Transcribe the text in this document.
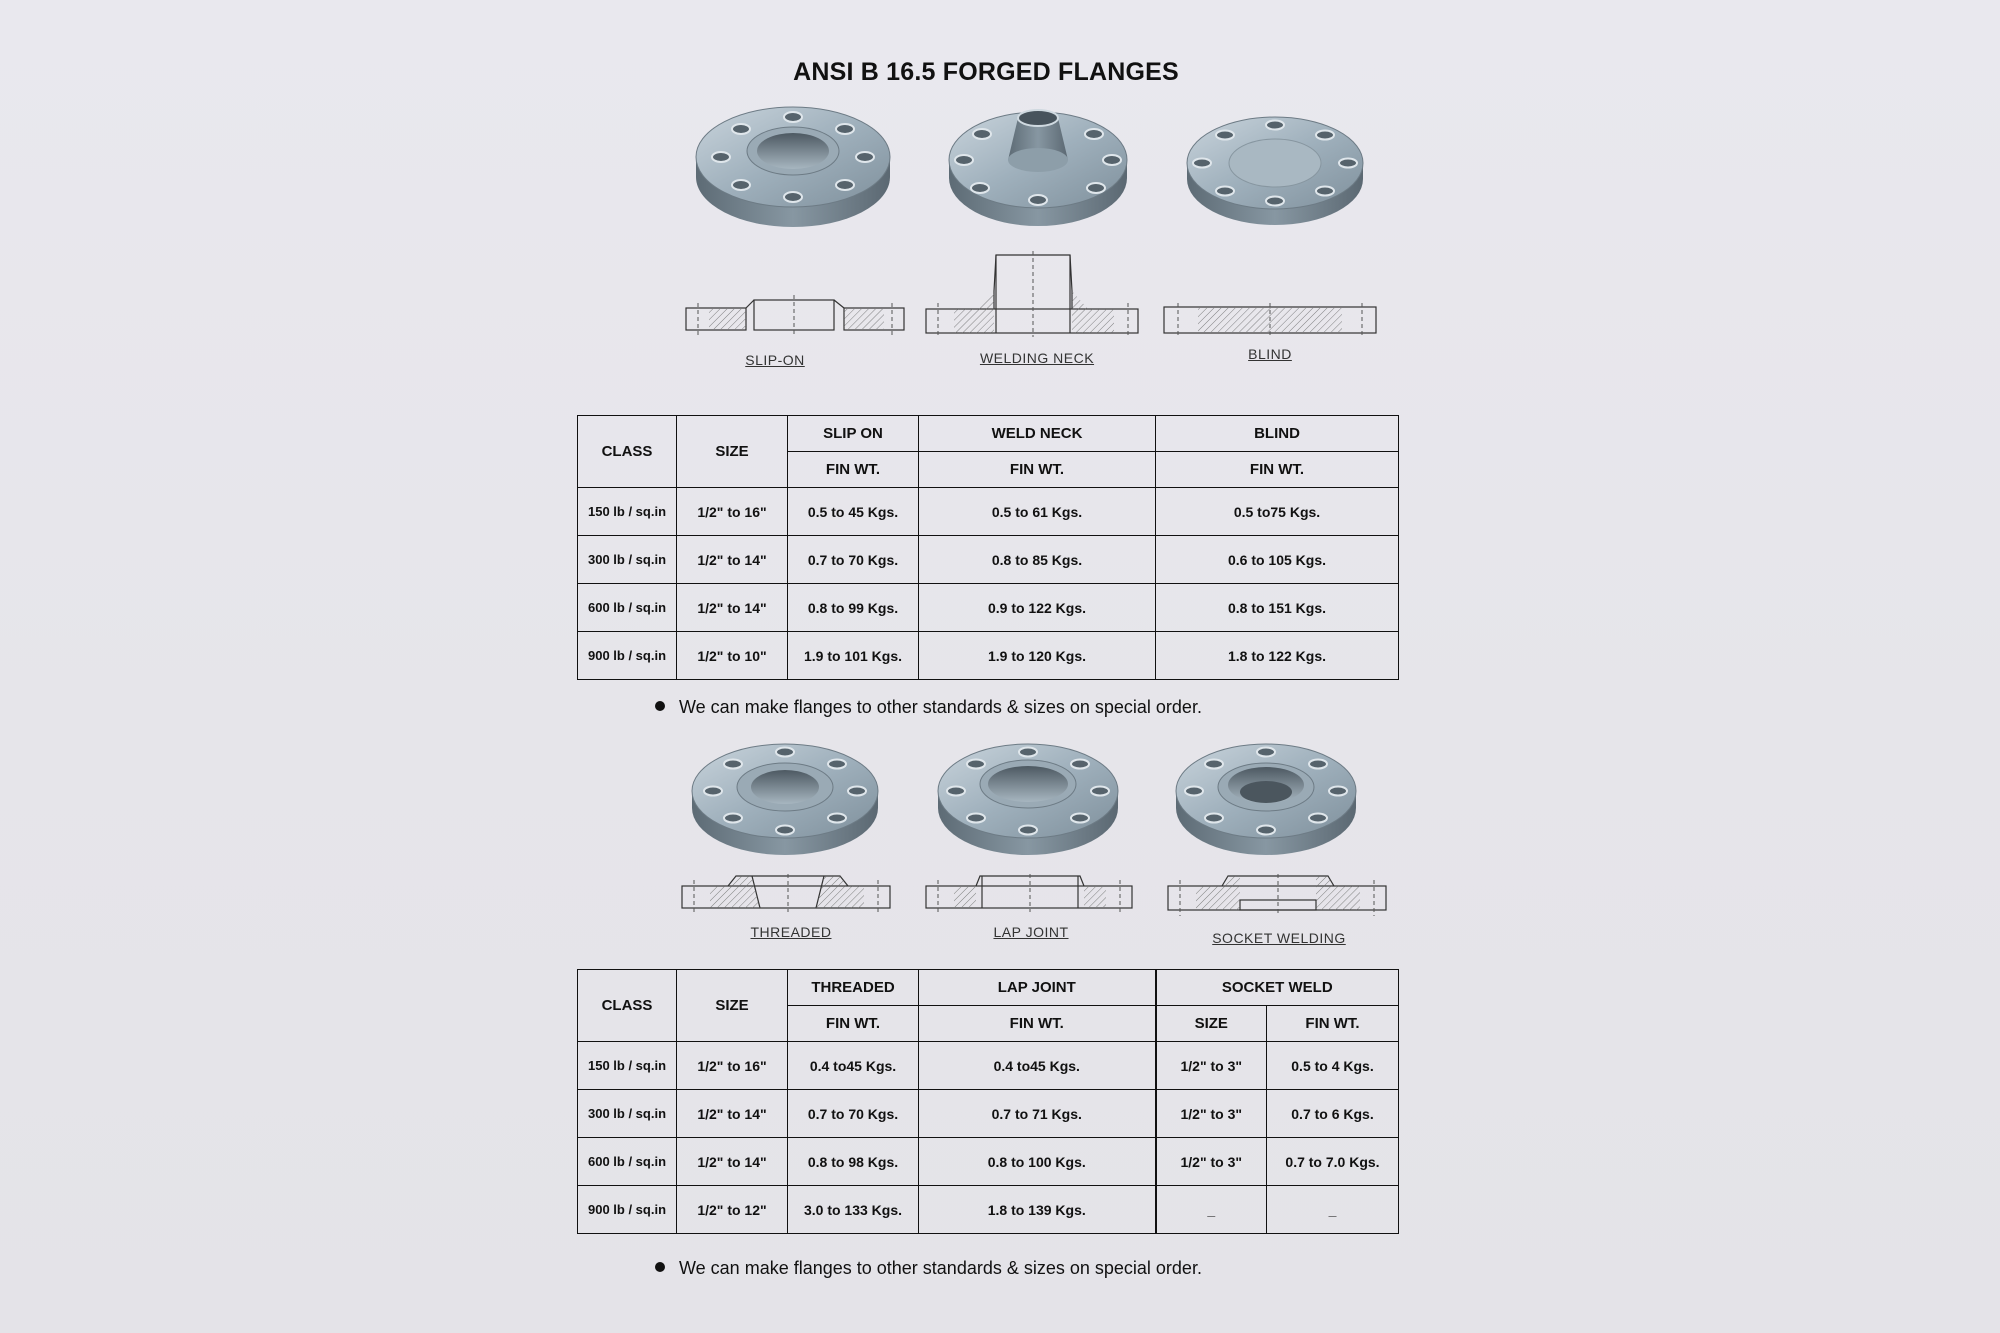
ANSI B 16.5 FORGED FLANGES
SLIP-ON	WELDING NECK	BLIND
CLASS	SIZE	SLIP ON	WELD NECK	BLIND
		FIN WT.	FIN WT.	FIN WT.
150 lb / sq.in	1/2" to 16"	0.5 to 45 Kgs.	0.5 to 61 Kgs.	0.5 to75 Kgs.
300 lb / sq.in	1/2" to 14"	0.7 to 70 Kgs.	0.8 to 85 Kgs.	0.6 to 105 Kgs.
600 lb / sq.in	1/2" to 14"	0.8 to 99 Kgs.	0.9 to 122 Kgs.	0.8 to 151 Kgs.
900 lb / sq.in	1/2" to 10"	1.9 to 101 Kgs.	1.9 to 120 Kgs.	1.8 to 122 Kgs.
We can make flanges to other standards & sizes on special order.
THREADED	LAP JOINT	SOCKET WELDING
CLASS	SIZE	THREADED	LAP JOINT	SOCKET WELD	
		FIN WT.	FIN WT.	SIZE	FIN WT.
150 lb / sq.in	1/2" to 16"	0.4 to45 Kgs.	0.4 to45 Kgs.	1/2" to 3"	0.5 to 4 Kgs.
300 lb / sq.in	1/2" to 14"	0.7 to 70 Kgs.	0.7 to 71 Kgs.	1/2" to 3"	0.7 to 6 Kgs.
600 lb / sq.in	1/2" to 14"	0.8 to 98 Kgs.	0.8 to 100 Kgs.	1/2" to 3"	0.7 to 7.0 Kgs.
900 lb / sq.in	1/2" to 12"	3.0 to 133 Kgs.	1.8 to 139 Kgs.	_	_
We can make flanges to other standards & sizes on special order.
